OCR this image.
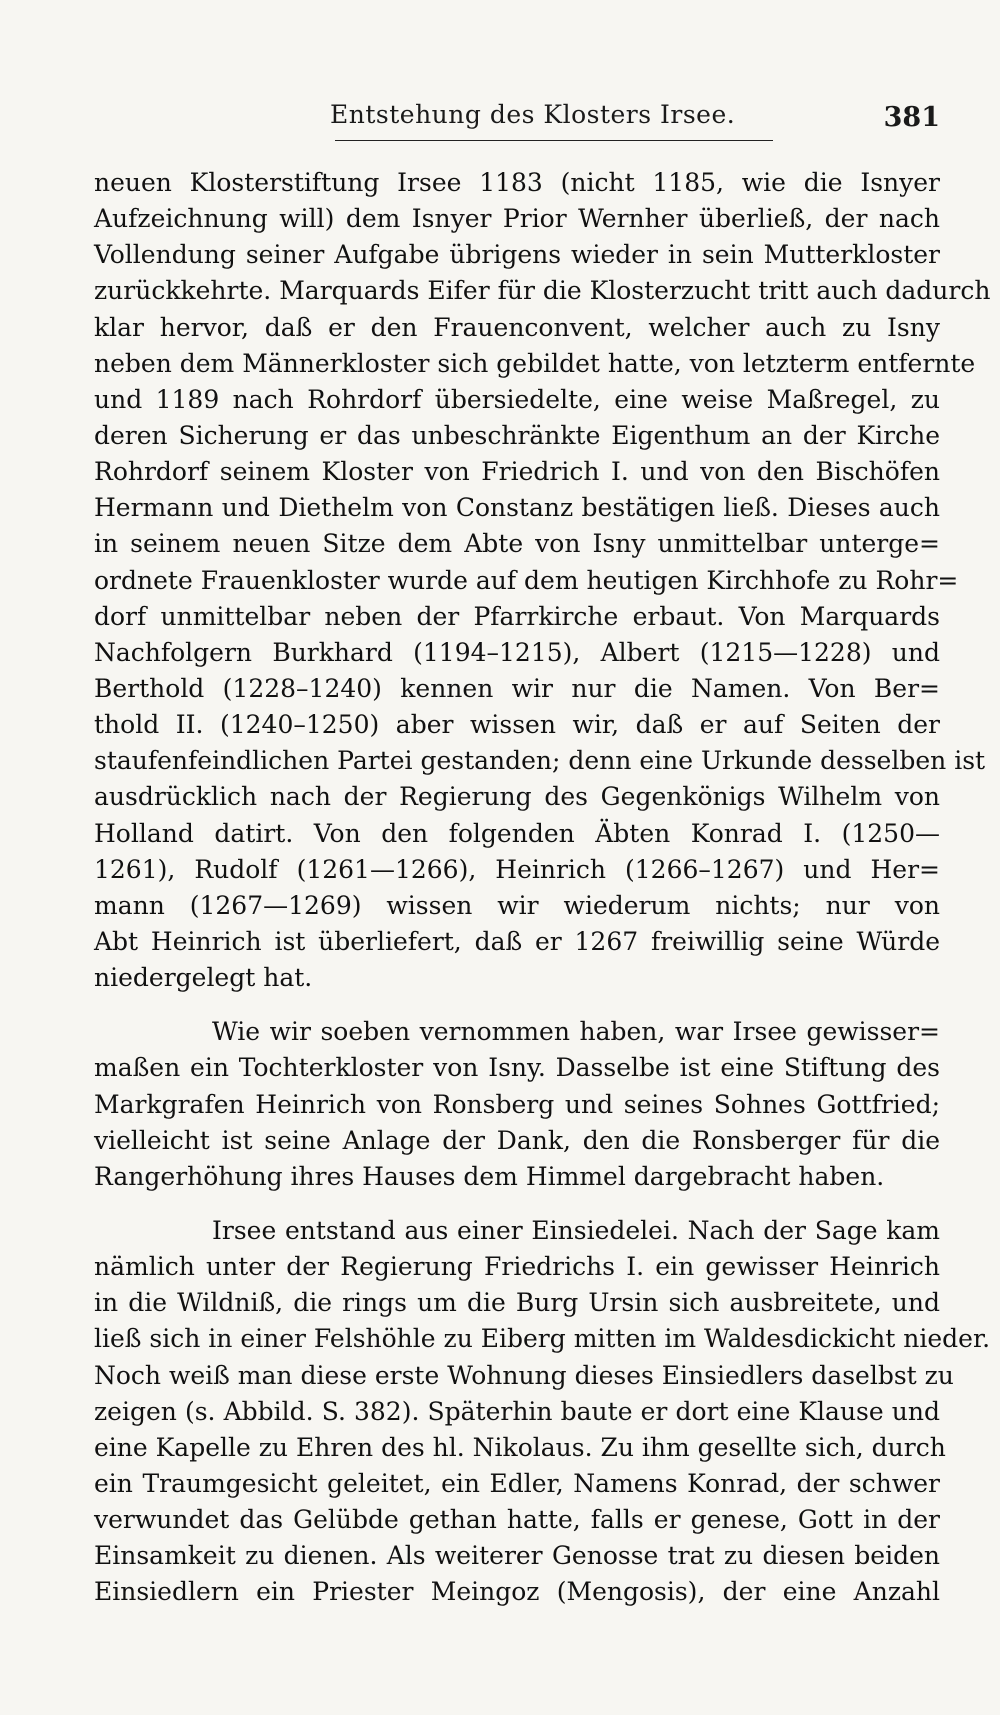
Entstehung des Klosters Irsee.	381
neuen Klosterstiftung Irsee 1183 (nicht 1185, wie die Isnyer
Aufzeichnung will) dem Isnyer Prior Wernher überließ, der nach
Vollendung seiner Aufgabe übrigens wieder in sein Mutterkloster
zurückkehrte. Marquards Eifer für die Klosterzucht tritt auch dadurch
klar hervor, daß er den Frauenconvent, welcher auch zu Isny
neben dem Männerkloster sich gebildet hatte, von letzterm entfernte
und 1189 nach Rohrdorf übersiedelte, eine weise Maßregel, zu
deren Sicherung er das unbeschränkte Eigenthum an der Kirche
Rohrdorf seinem Kloster von Friedrich I. und von den Bischöfen
Hermann und Diethelm von Constanz bestätigen ließ. Dieses auch
in seinem neuen Sitze dem Abte von Isny unmittelbar unterge=
ordnete Frauenkloster wurde auf dem heutigen Kirchhofe zu Rohr=
dorf unmittelbar neben der Pfarrkirche erbaut. Von Marquards
Nachfolgern Burkhard (1194–1215), Albert (1215—1228) und
Berthold (1228–1240) kennen wir nur die Namen. Von Ber=
thold II. (1240–1250) aber wissen wir, daß er auf Seiten der
staufenfeindlichen Partei gestanden; denn eine Urkunde desselben ist
ausdrücklich nach der Regierung des Gegenkönigs Wilhelm von
Holland datirt. Von den folgenden Äbten Konrad I. (1250—
1261), Rudolf (1261—1266), Heinrich (1266–1267) und Her=
mann (1267—1269) wissen wir wiederum nichts; nur von
Abt Heinrich ist überliefert, daß er 1267 freiwillig seine Würde
niedergelegt hat.
Wie wir soeben vernommen haben, war Irsee gewisser=
maßen ein Tochterkloster von Isny. Dasselbe ist eine Stiftung des
Markgrafen Heinrich von Ronsberg und seines Sohnes Gottfried;
vielleicht ist seine Anlage der Dank, den die Ronsberger für die
Rangerhöhung ihres Hauses dem Himmel dargebracht haben.
Irsee entstand aus einer Einsiedelei. Nach der Sage kam
nämlich unter der Regierung Friedrichs I. ein gewisser Heinrich
in die Wildniß, die rings um die Burg Ursin sich ausbreitete, und
ließ sich in einer Felshöhle zu Eiberg mitten im Waldesdickicht nieder.
Noch weiß man diese erste Wohnung dieses Einsiedlers daselbst zu
zeigen (s. Abbild. S. 382). Späterhin baute er dort eine Klause und
eine Kapelle zu Ehren des hl. Nikolaus. Zu ihm gesellte sich, durch
ein Traumgesicht geleitet, ein Edler, Namens Konrad, der schwer
verwundet das Gelübde gethan hatte, falls er genese, Gott in der
Einsamkeit zu dienen. Als weiterer Genosse trat zu diesen beiden
Einsiedlern ein Priester Meingoz (Mengosis), der eine Anzahl
